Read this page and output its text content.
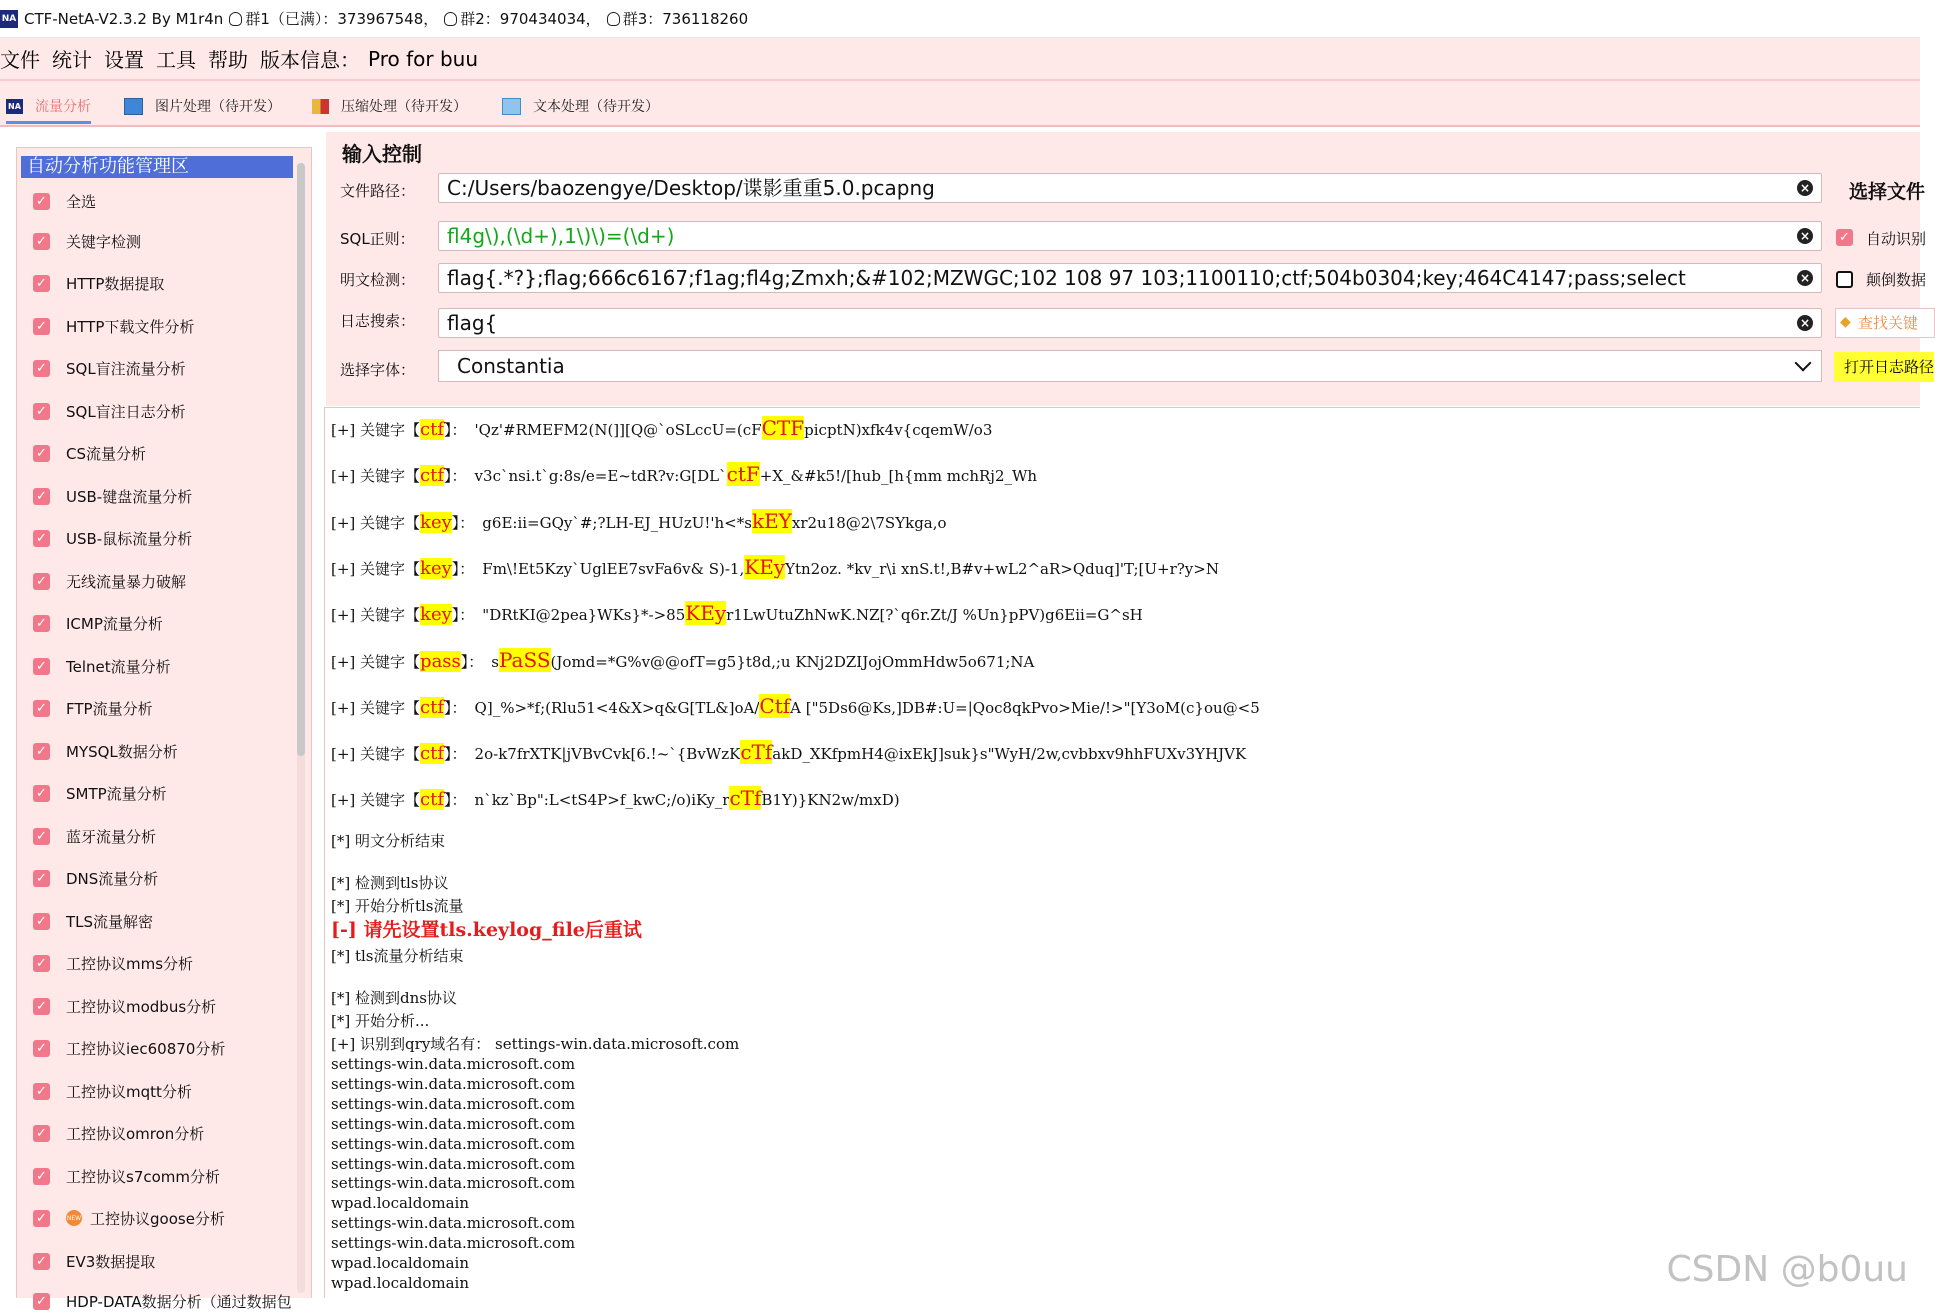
NA CTF-NetA-V2.3.2 By M1r4n 群1（已满）：373967548， 群2：970434034， 群3：736118260
文件 统计 设置 工具 帮助 版本信息： Pro for buu
NA 流量分析	图片处理（待开发）	压缩处理（待开发）	文本处理（待开发）
自动分析功能管理区
✓ 全选
✓ 关键字检测
✓ HTTP数据提取
✓ HTTP下载文件分析
✓ SQL盲注流量分析
✓ SQL盲注日志分析
✓ CS流量分析
✓ USB-键盘流量分析
✓ USB-鼠标流量分析
✓ 无线流量暴力破解
✓ ICMP流量分析
✓ Telnet流量分析
✓ FTP流量分析
✓ MYSQL数据分析
✓ SMTP流量分析
✓ 蓝牙流量分析
✓ DNS流量分析
✓ TLS流量解密
✓ 工控协议mms分析
✓ 工控协议modbus分析
✓ 工控协议iec60870分析
✓ 工控协议mqtt分析
✓ 工控协议omron分析
✓ 工控协议s7comm分析
✓	NEW 工控协议goose分析
✓ EV3数据提取
✓ HDP-DATA数据分析（通过数据包
输入控制
文件路径：	C:/Users/baozengye/Desktop/谍影重重5.0.pcapng	×
SQL正则：	fl4g\),(\d+),1\)\)=(\d+)	×
明文检测：	flag{.*?};flag;666c6167;f1ag;fl4g;Zmxh;&#102;MZWGC;102 108 97 103;1100110;ctf;504b0304;key;464C4147;pass;select	×
日志搜索：	flag{	×
选择字体：	Constantia
选择文件
✓ 自动识别
颠倒数据
◆ 查找关键
打开日志路径
[+] 关键字【ctf】： 'Qz'#RMEFM2(N(]][Q@`oSLccU=(cFCTFpicptN)xfk4v{cqemW/o3
[+] 关键字【ctf】： v3c`nsi.t`g:8s/e=E~tdR?v:G[DL`ctF+X_&#k5!/[hub_[h{mm mchRj2_Wh
[+] 关键字【key】： g6E:ii=GQy`#;?LH-EJ_HUzU!'h<*skEYxr2u18@2\7SYkga,o
[+] 关键字【key】： Fm\!Et5Kzy`UglEE7svFa6v& S)-1,KEyYtn2oz. *kv_r\i xnS.t!,B#v+wL2^aR>Qduq]'T;[U+r?y>N
[+] 关键字【key】： "DRtKI@2pea}WKs}*->85KEyr1LwUtuZhNwK.NZ[?`q6r.Zt/J %Un}pPV)g6Eii=G^sH
[+] 关键字【pass】： sPaSS(Jomd=*G%v@@ofT=g5}t8d,;u KNj2DZIJojOmmHdw5o671;NA
[+] 关键字【ctf】： Q]_%>*f;(Rlu51<4&X>q&G[TL&]oA/CtfA ["5Ds6@Ks,]DB#:U=|Qoc8qkPvo>Mie/!>"[Y3oM(c}ou@<5
[+] 关键字【ctf】： 2o-k7frXTK|jVBvCvk[6.!~`{BvWzKcTfakD_XKfpmH4@ixEkJ]suk}s"WyH/2w,cvbbxv9hhFUXv3YHJVK
[+] 关键字【ctf】： n`kz`Bp":L<tS4P>f_kwC;/o)iKy_rcTfB1Y)}KN2w/mxD)
[*] 明文分析结束
[*] 检测到tls协议
[*] 开始分析tls流量
[-] 请先设置tls.keylog_file后重试
[*] tls流量分析结束
[*] 检测到dns协议
[*] 开始分析...
[+] 识别到qry域名有： settings-win.data.microsoft.com
settings-win.data.microsoft.com
settings-win.data.microsoft.com
settings-win.data.microsoft.com
settings-win.data.microsoft.com
settings-win.data.microsoft.com
settings-win.data.microsoft.com
settings-win.data.microsoft.com
wpad.localdomain
settings-win.data.microsoft.com
settings-win.data.microsoft.com
wpad.localdomain
wpad.localdomain	CSDN @b0uu
